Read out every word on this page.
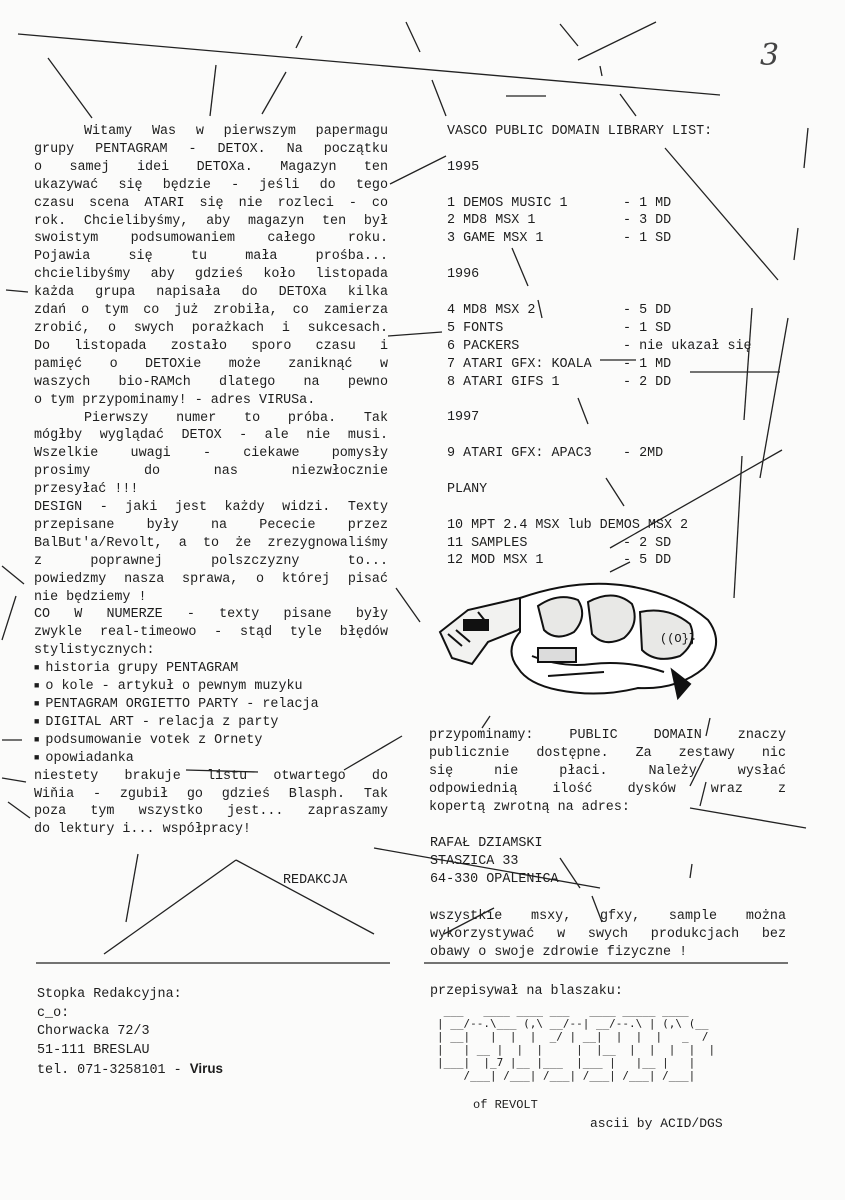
3
Witamy Was w pierwszym papermagu
grupy PENTAGRAM - DETOX. Na początku
o samej idei DETOXa. Magazyn ten
ukazywać się będzie - jeśli do tego
czasu scena ATARI się nie rozleci - co
rok. Chcielibyśmy, aby magazyn ten był
swoistym podsumowaniem całego roku.
Pojawia się tu mała prośba...
chcielibyśmy aby gdzieś koło listopada
każda grupa napisała do DETOXa kilka
zdań o tym co już zrobiła, co zamierza
zrobić, o swych porażkach i sukcesach.
Do listopada zostało sporo czasu i
pamięć o DETOXie może zaniknąć w
waszych bio-RAMch dlatego na pewno
o tym przypominamy! - adres VIRUSa.
Pierwszy numer to próba. Tak
mógłby wyglądać DETOX - ale nie musi.
Wszelkie uwagi - ciekawe pomysły
prosimy do nas niezwłocznie
przesyłać !!!
DESIGN - jaki jest każdy widzi. Texty
przepisane były na Pececie przez
BalBut'a/Revolt, a to że zrezygnowaliśmy
z poprawnej polszczyzny to...
powiedzmy nasza sprawa, o której pisać
nie będziemy !
CO W NUMERZE - texty pisane były
zwykle real-timeowo - stąd tyle błędów
stylistycznych:
■ historia grupy PENTAGRAM
■ o kole - artykuł o pewnym muzyku
■ PENTAGRAM ORGIETTO PARTY - relacja
■ DIGITAL ART - relacja z party
■ podsumowanie votek z Ornety
■ opowiadanka
niestety brakuje listu otwartego do
Wiňia - zgubił go gdzieś Blasph. Tak
poza tym wszystko jest... zapraszamy
do lektury i... współpracy!
REDAKCJA
VASCO PUBLIC DOMAIN LIBRARY LIST:
1995
1 DEMOS MUSIC 1	- 1 MD
2 MD8 MSX 1	- 3 DD
3 GAME MSX 1	- 1 SD
1996
4 MD8 MSX 2	- 5 DD
5 FONTS	- 1 SD
6 PACKERS	- nie ukazał się
7 ATARI GFX: KOALA	- 1 MD
8 ATARI GIFS 1	- 2 DD
1997
9 ATARI GFX: APAC3	- 2MD
PLANY
10 MPT 2.4 MSX lub DEMOS MSX 2
11 SAMPLES	- 2 SD
12 MOD MSX 1	- 5 DD
((O}}
przypominamy: PUBLIC DOMAIN znaczy
publicznie dostępne. Za zestawy nic
się nie płaci. Należy wysłać
odpowiednią ilość dysków wraz z
kopertą zwrotną na adres:
RAFAŁ DZIAMSKI
STASZICA 33
64-330 OPALENICA
wszystkie msxy, gfxy, sample można
wykorzystywać w swych produkcjach bez
obawy o swoje zdrowie fizyczne !
Stopka Redakcyjna:
c_o:
Chorwacka 72/3
51-111 BRESLAU
tel. 071-3258101 - Virus
przepisywał na blaszaku:
___   ____ ____ ___   ____ _____ ____
| __/--.\___ (,\ __/--| __/--.\ | (,\ (__
| __|   |  |  |  _/ | __|  |  |  |   _  /
|   | __ |  |  |     |  |__  |  |  |  |  |
|___|  |_7 |__ |___  |___ |   |__ |   |
/___| /___| /___| /___| /___| /___|
of REVOLT
ascii by ACID/DGS
